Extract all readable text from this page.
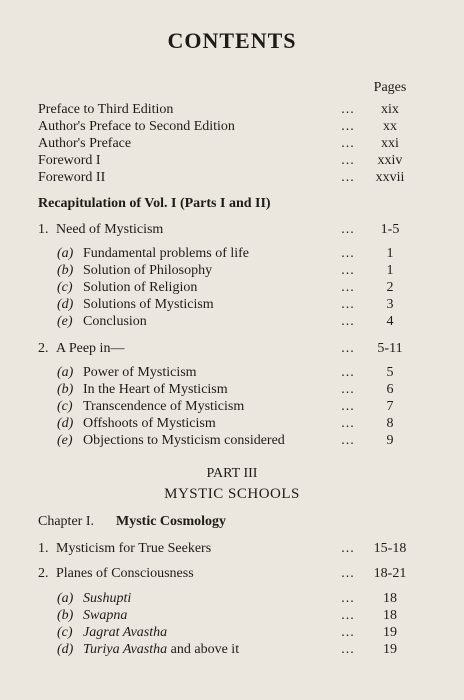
CONTENTS
Pages
Preface to Third Edition	...	xix
Author's Preface to Second Edition	...	xx
Author's Preface	...	xxi
Foreword I	...	xxiv
Foreword II	...	xxvii
Recapitulation of Vol. I (Parts I and II)
1. Need of Mysticism	...	1-5
(a) Fundamental problems of life	...	1
(b) Solution of Philosophy	...	1
(c) Solution of Religion	...	2
(d) Solutions of Mysticism	...	3
(e) Conclusion	...	4
2. A Peep in—	...	5-11
(a) Power of Mysticism	...	5
(b) In the Heart of Mysticism	...	6
(c) Transcendence of Mysticism	...	7
(d) Offshoots of Mysticism	...	8
(e) Objections to Mysticism considered	...	9
PART III
MYSTIC SCHOOLS
Chapter I. Mystic Cosmology
1. Mysticism for True Seekers	...	15-18
2. Planes of Consciousness	...	18-21
(a) Sushupti	...	18
(b) Swapna	...	18
(c) Jagrat Avastha	...	19
(d) Turiya Avastha and above it	...	19
